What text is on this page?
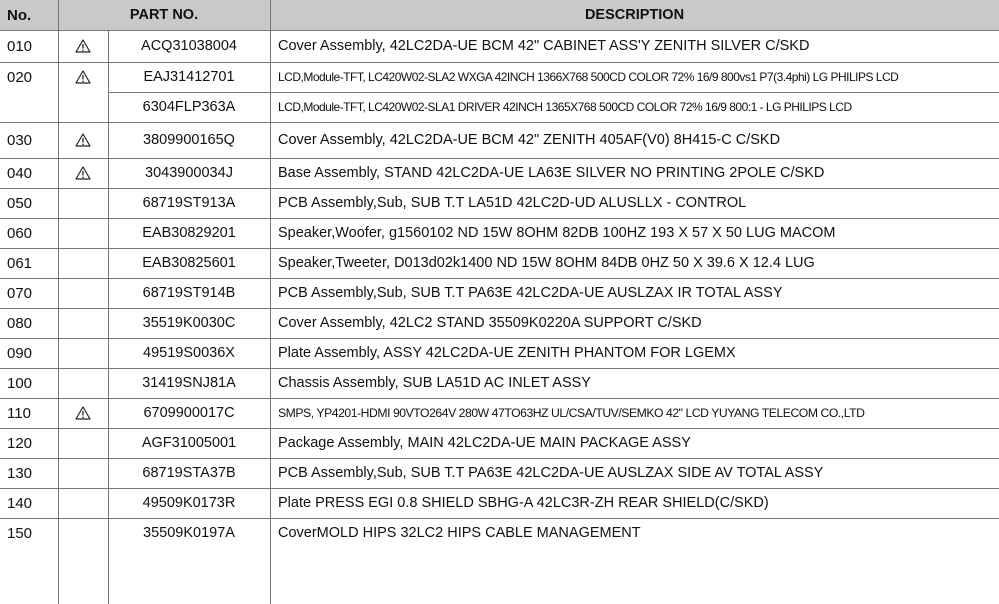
No.	PART NO.	DESCRIPTION
010	ACQ31038004	Cover Assembly, 42LC2DA-UE BCM 42" CABINET ASS'Y ZENITH SILVER C/SKD
020	EAJ31412701	LCD,Module-TFT, LC420W02-SLA2 WXGA 42INCH 1366X768 500CD COLOR 72% 16/9 800vs1 P7(3.4phi) LG PHILIPS LCD
6304FLP363A	LCD,Module-TFT, LC420W02-SLA1 DRIVER 42INCH 1365X768 500CD COLOR 72% 16/9 800:1 - LG PHILIPS LCD
030	3809900165Q	Cover Assembly, 42LC2DA-UE BCM 42" ZENITH 405AF(V0) 8H415-C C/SKD
040	3043900034J	Base Assembly, STAND 42LC2DA-UE LA63E SILVER NO PRINTING 2POLE C/SKD
050	68719ST913A	PCB Assembly,Sub, SUB T.T LA51D 42LC2D-UD ALUSLLX - CONTROL
060	EAB30829201	Speaker,Woofer, g1560102 ND 15W 8OHM 82DB 100HZ 193 X 57 X 50 LUG MACOM
061	EAB30825601	Speaker,Tweeter, D013d02k1400 ND 15W 8OHM 84DB 0HZ 50 X 39.6 X 12.4 LUG
070	68719ST914B	PCB Assembly,Sub, SUB T.T PA63E 42LC2DA-UE AUSLZAX IR TOTAL ASSY
080	35519K0030C	Cover Assembly, 42LC2 STAND 35509K0220A SUPPORT C/SKD
090	49519S0036X	Plate Assembly, ASSY 42LC2DA-UE ZENITH PHANTOM FOR LGEMX
100	31419SNJ81A	Chassis Assembly, SUB LA51D AC INLET ASSY
110	6709900017C	SMPS, YP4201-HDMI 90VTO264V 280W 47TO63HZ UL/CSA/TUV/SEMKO 42" LCD YUYANG TELECOM CO.,LTD
120	AGF31005001	Package Assembly, MAIN 42LC2DA-UE MAIN PACKAGE ASSY
130	68719STA37B	PCB Assembly,Sub, SUB T.T PA63E 42LC2DA-UE AUSLZAX SIDE AV TOTAL ASSY
140	49509K0173R	Plate PRESS EGI 0.8 SHIELD SBHG-A 42LC3R-ZH REAR SHIELD(C/SKD)
150	35509K0197A	CoverMOLD HIPS 32LC2 HIPS CABLE MANAGEMENT
